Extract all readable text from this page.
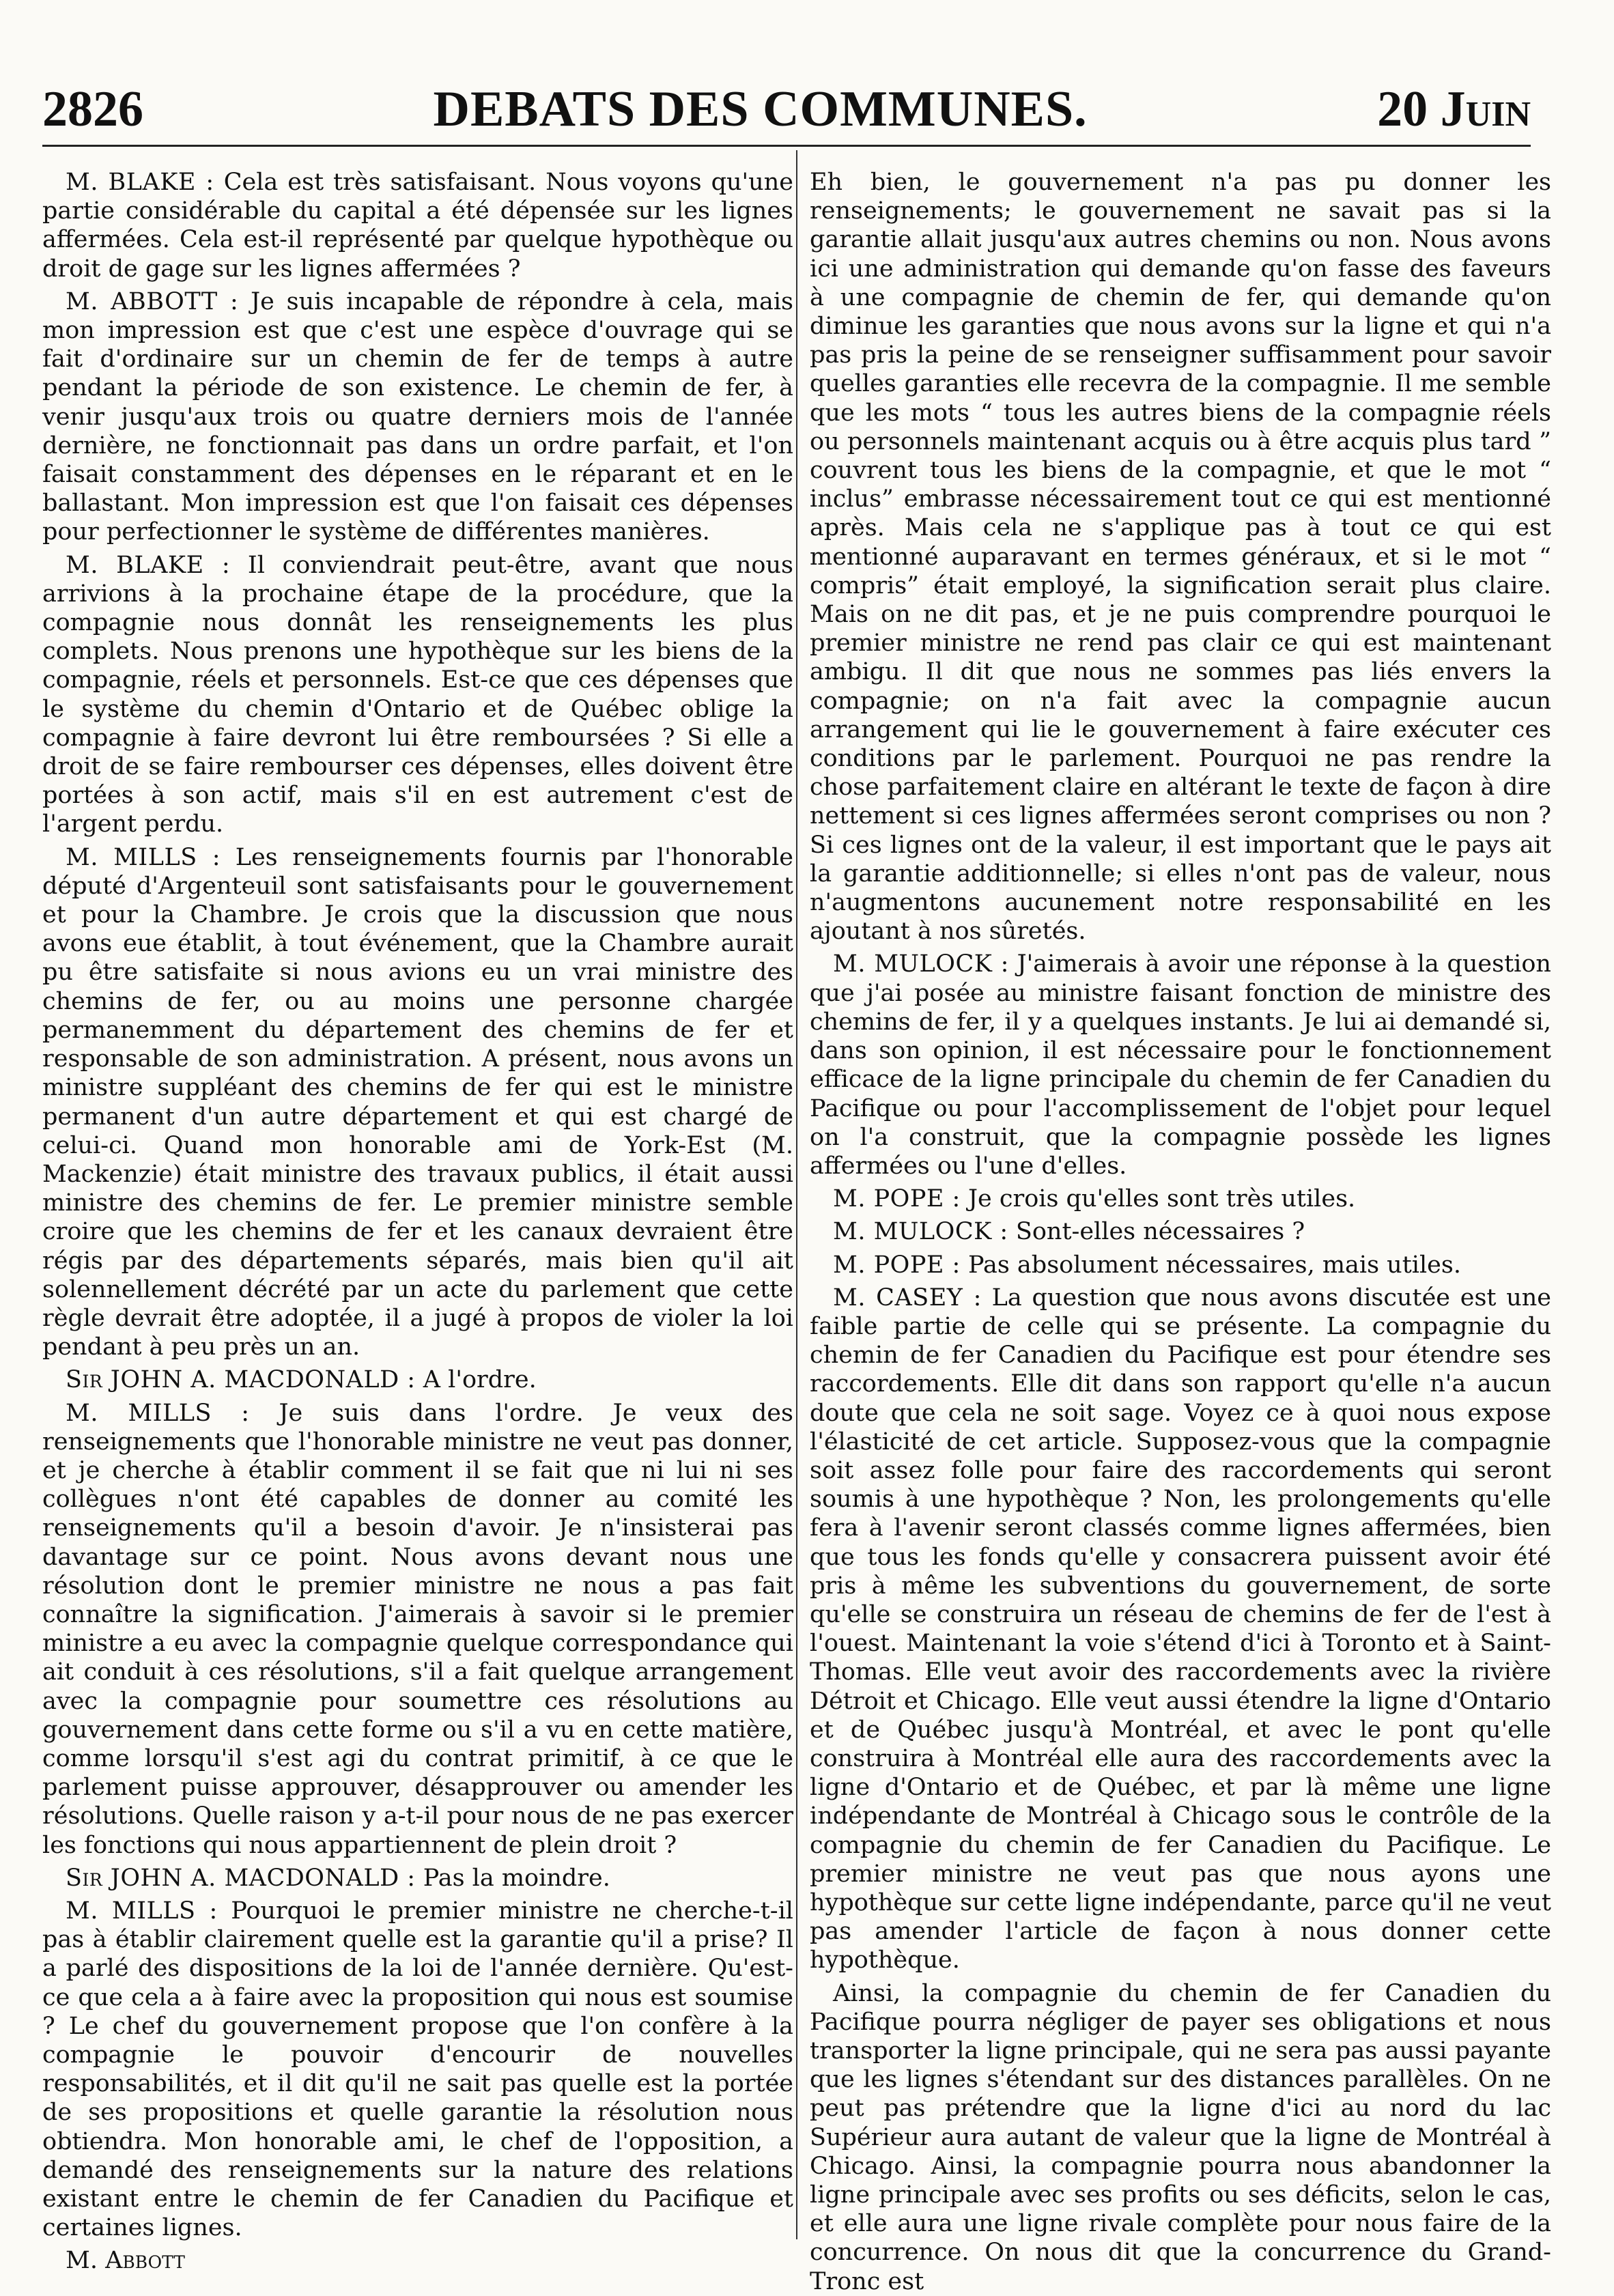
2826	DEBATS DES COMMUNES.	20 Juin

M. BLAKE : Cela est très satisfaisant. Nous voyons qu'une partie considérable du capital a été dépensée sur les lignes affermées. Cela est-il représenté par quelque hypothèque ou droit de gage sur les lignes affermées ?

M. ABBOTT : Je suis incapable de répondre à cela, mais mon impression est que c'est une espèce d'ouvrage qui se fait d'ordinaire sur un chemin de fer de temps à autre pendant la période de son existence. Le chemin de fer, à venir jusqu'aux trois ou quatre derniers mois de l'année dernière, ne fonctionnait pas dans un ordre parfait, et l'on faisait constamment des dépenses en le réparant et en le ballastant. Mon impression est que l'on faisait ces dépenses pour perfectionner le système de différentes manières.

M. BLAKE : Il conviendrait peut-être, avant que nous arrivions à la prochaine étape de la procédure, que la compagnie nous donnât les renseignements les plus complets. Nous prenons une hypothèque sur les biens de la compagnie, réels et personnels. Est-ce que ces dépenses que le système du chemin d'Ontario et de Québec oblige la compagnie à faire devront lui être remboursées ? Si elle a droit de se faire rembourser ces dépenses, elles doivent être portées à son actif, mais s'il en est autrement c'est de l'argent perdu.

M. MILLS : Les renseignements fournis par l'honorable député d'Argenteuil sont satisfaisants pour le gouvernement et pour la Chambre. Je crois que la discussion que nous avons eue établit, à tout événement, que la Chambre aurait pu être satisfaite si nous avions eu un vrai ministre des chemins de fer, ou au moins une personne chargée permanemment du département des chemins de fer et responsable de son administration. A présent, nous avons un ministre suppléant des chemins de fer qui est le ministre permanent d'un autre département et qui est chargé de celui-ci. Quand mon honorable ami de York-Est (M. Mackenzie) était ministre des travaux publics, il était aussi ministre des chemins de fer. Le premier ministre semble croire que les chemins de fer et les canaux devraient être régis par des départements séparés, mais bien qu'il ait solennellement décrété par un acte du parlement que cette règle devrait être adoptée, il a jugé à propos de violer la loi pendant à peu près un an.

Sir JOHN A. MACDONALD : A l'ordre.

M. MILLS : Je suis dans l'ordre. Je veux des renseignements que l'honorable ministre ne veut pas donner, et je cherche à établir comment il se fait que ni lui ni ses collègues n'ont été capables de donner au comité les renseignements qu'il a besoin d'avoir. Je n'insisterai pas davantage sur ce point. Nous avons devant nous une résolution dont le premier ministre ne nous a pas fait connaître la signification. J'aimerais à savoir si le premier ministre a eu avec la compagnie quelque correspondance qui ait conduit à ces résolutions, s'il a fait quelque arrangement avec la compagnie pour soumettre ces résolutions au gouvernement dans cette forme ou s'il a vu en cette matière, comme lorsqu'il s'est agi du contrat primitif, à ce que le parlement puisse approuver, désapprouver ou amender les résolutions. Quelle raison y a-t-il pour nous de ne pas exercer les fonctions qui nous appartiennent de plein droit ?

Sir JOHN A. MACDONALD : Pas la moindre.

M. MILLS : Pourquoi le premier ministre ne cherche-t-il pas à établir clairement quelle est la garantie qu'il a prise? Il a parlé des dispositions de la loi de l'année dernière. Qu'est-ce que cela a à faire avec la proposition qui nous est soumise ? Le chef du gouvernement propose que l'on confère à la compagnie le pouvoir d'encourir de nouvelles responsabilités, et il dit qu'il ne sait pas quelle est la portée de ses propositions et quelle garantie la résolution nous obtiendra. Mon honorable ami, le chef de l'opposition, a demandé des renseignements sur la nature des relations existant entre le chemin de fer Canadien du Pacifique et certaines lignes.

M. Abbott

Eh bien, le gouvernement n'a pas pu donner les renseignements; le gouvernement ne savait pas si la garantie allait jusqu'aux autres chemins ou non. Nous avons ici une administration qui demande qu'on fasse des faveurs à une compagnie de chemin de fer, qui demande qu'on diminue les garanties que nous avons sur la ligne et qui n'a pas pris la peine de se renseigner suffisamment pour savoir quelles garanties elle recevra de la compagnie. Il me semble que les mots “ tous les autres biens de la compagnie réels ou personnels maintenant acquis ou à être acquis plus tard ” couvrent tous les biens de la compagnie, et que le mot “ inclus” embrasse nécessairement tout ce qui est mentionné après. Mais cela ne s'applique pas à tout ce qui est mentionné auparavant en termes généraux, et si le mot “ compris” était employé, la signification serait plus claire. Mais on ne dit pas, et je ne puis comprendre pourquoi le premier ministre ne rend pas clair ce qui est maintenant ambigu. Il dit que nous ne sommes pas liés envers la compagnie; on n'a fait avec la compagnie aucun arrangement qui lie le gouvernement à faire exécuter ces conditions par le parlement. Pourquoi ne pas rendre la chose parfaitement claire en altérant le texte de façon à dire nettement si ces lignes affermées seront comprises ou non ? Si ces lignes ont de la valeur, il est important que le pays ait la garantie additionnelle; si elles n'ont pas de valeur, nous n'augmentons aucunement notre responsabilité en les ajoutant à nos sûretés.

M. MULOCK : J'aimerais à avoir une réponse à la question que j'ai posée au ministre faisant fonction de ministre des chemins de fer, il y a quelques instants. Je lui ai demandé si, dans son opinion, il est nécessaire pour le fonctionnement efficace de la ligne principale du chemin de fer Canadien du Pacifique ou pour l'accomplissement de l'objet pour lequel on l'a construit, que la compagnie possède les lignes affermées ou l'une d'elles.

M. POPE : Je crois qu'elles sont très utiles.

M. MULOCK : Sont-elles nécessaires ?

M. POPE : Pas absolument nécessaires, mais utiles.

M. CASEY : La question que nous avons discutée est une faible partie de celle qui se présente. La compagnie du chemin de fer Canadien du Pacifique est pour étendre ses raccordements. Elle dit dans son rapport qu'elle n'a aucun doute que cela ne soit sage. Voyez ce à quoi nous expose l'élasticité de cet article. Supposez-vous que la compagnie soit assez folle pour faire des raccordements qui seront soumis à une hypothèque ? Non, les prolongements qu'elle fera à l'avenir seront classés comme lignes affermées, bien que tous les fonds qu'elle y consacrera puissent avoir été pris à même les subventions du gouvernement, de sorte qu'elle se construira un réseau de chemins de fer de l'est à l'ouest. Maintenant la voie s'étend d'ici à Toronto et à Saint-Thomas. Elle veut avoir des raccordements avec la rivière Détroit et Chicago. Elle veut aussi étendre la ligne d'Ontario et de Québec jusqu'à Montréal, et avec le pont qu'elle construira à Montréal elle aura des raccordements avec la ligne d'Ontario et de Québec, et par là même une ligne indépendante de Montréal à Chicago sous le contrôle de la compagnie du chemin de fer Canadien du Pacifique. Le premier ministre ne veut pas que nous ayons une hypothèque sur cette ligne indépendante, parce qu'il ne veut pas amender l'article de façon à nous donner cette hypothèque.

Ainsi, la compagnie du chemin de fer Canadien du Pacifique pourra négliger de payer ses obligations et nous transporter la ligne principale, qui ne sera pas aussi payante que les lignes s'étendant sur des distances parallèles. On ne peut pas prétendre que la ligne d'ici au nord du lac Supérieur aura autant de valeur que la ligne de Montréal à Chicago. Ainsi, la compagnie pourra nous abandonner la ligne principale avec ses profits ou ses déficits, selon le cas, et elle aura une ligne rivale complète pour nous faire de la concurrence. On nous dit que la concurrence du Grand-Tronc est
